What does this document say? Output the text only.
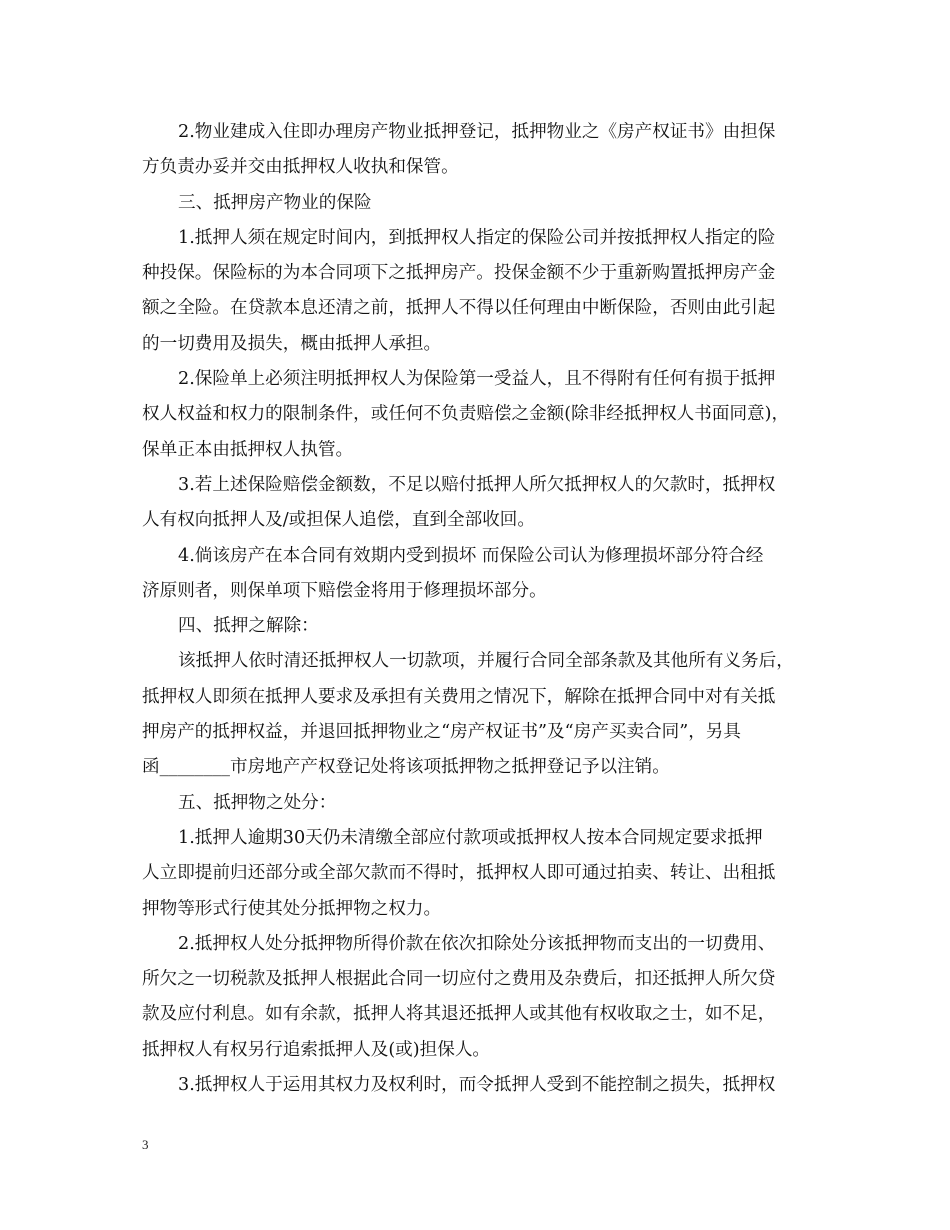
2.物业建成入住即办理房产物业抵押登记，抵押物业之《房产权证书》由担保
方负责办妥并交由抵押权人收执和保管。
三、抵押房产物业的保险
1.抵押人须在规定时间内，到抵押权人指定的保险公司并按抵押权人指定的险
种投保。保险标的为本合同项下之抵押房产。投保金额不少于重新购置抵押房产金
额之全险。在贷款本息还清之前，抵押人不得以任何理由中断保险，否则由此引起
的一切费用及损失，概由抵押人承担。
2.保险单上必须注明抵押权人为保险第一受益人，且不得附有任何有损于抵押
权人权益和权力的限制条件，或任何不负责赔偿之金额(除非经抵押权人书面同意)，
保单正本由抵押权人执管。
3.若上述保险赔偿金额数，不足以赔付抵押人所欠抵押权人的欠款时，抵押权
人有权向抵押人及/或担保人追偿，直到全部收回。
4.倘该房产在本合同有效期内受到损坏 而保险公司认为修理损坏部分符合经
济原则者，则保单项下赔偿金将用于修理损坏部分。
四、抵押之解除：
该抵押人依时清还抵押权人一切款项，并履行合同全部条款及其他所有义务后，
抵押权人即须在抵押人要求及承担有关费用之情况下，解除在抵押合同中对有关抵
押房产的抵押权益，并退回抵押物业之“房产权证书”及“房产买卖合同”，另具
函________市房地产产权登记处将该项抵押物之抵押登记予以注销。
五、抵押物之处分：
1.抵押人逾期30天仍未清缴全部应付款项或抵押权人按本合同规定要求抵押
人立即提前归还部分或全部欠款而不得时，抵押权人即可通过拍卖、转让、出租抵
押物等形式行使其处分抵押物之权力。
2.抵押权人处分抵押物所得价款在依次扣除处分该抵押物而支出的一切费用、
所欠之一切税款及抵押人根据此合同一切应付之费用及杂费后，扣还抵押人所欠贷
款及应付利息。如有余款，抵押人将其退还抵押人或其他有权收取之士，如不足，
抵押权人有权另行追索抵押人及(或)担保人。
3.抵押权人于运用其权力及权利时，而令抵押人受到不能控制之损失，抵押权
3
